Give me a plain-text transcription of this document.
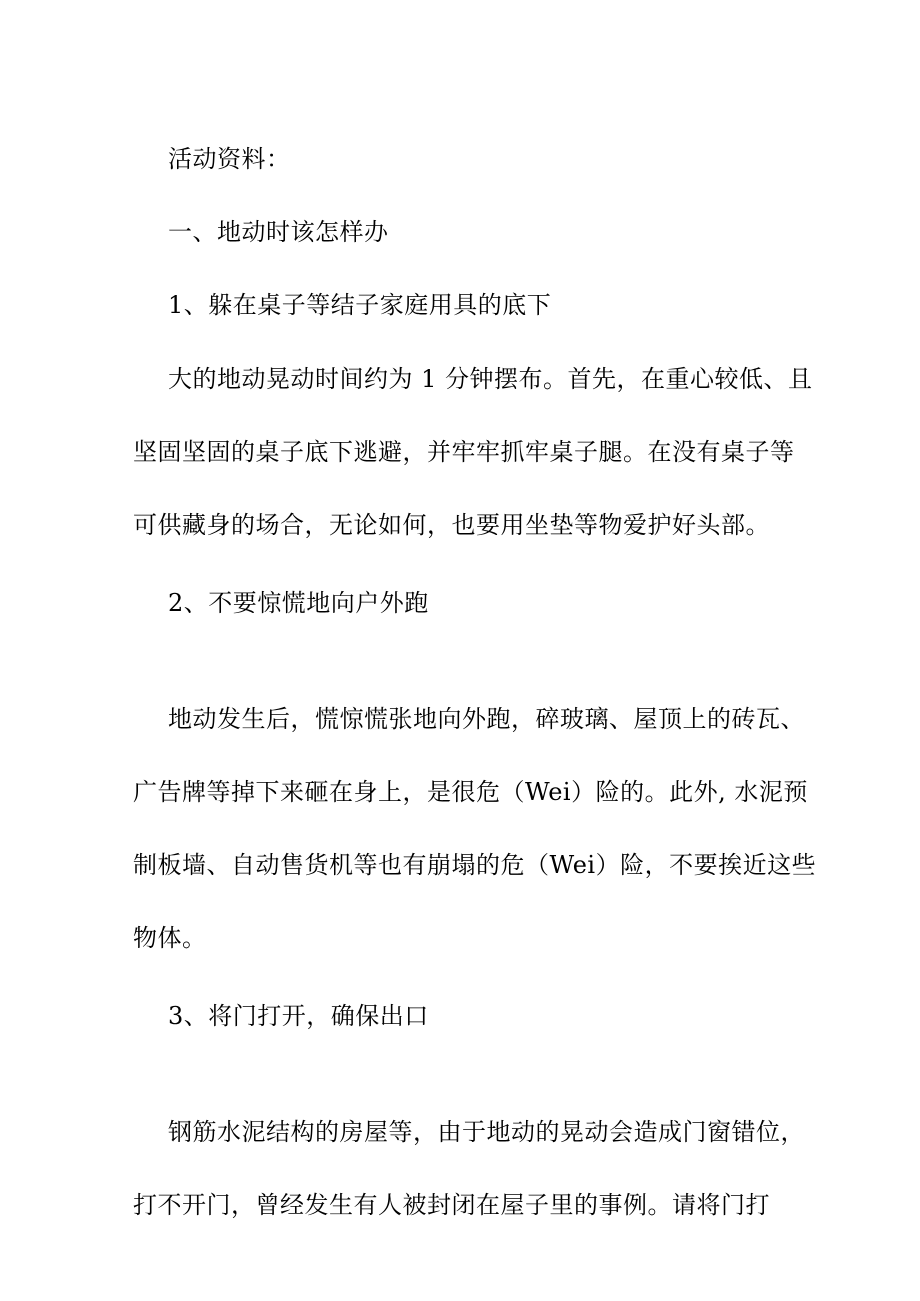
活动资料：
一、地动时该怎样办
1、躲在桌子等结子家庭用具的底下
大的地动晃动时间约为 1 分钟摆布。首先，在重心较低、且
坚固坚固的桌子底下逃避，并牢牢抓牢桌子腿。在没有桌子等
可供藏身的场合，无论如何，也要用坐垫等物爱护好头部。
2、不要惊慌地向户外跑
地动发生后，慌惊慌张地向外跑，碎玻璃、屋顶上的砖瓦、
广告牌等掉下来砸在身上，是很危（Wei）险的。此外, 水泥预
制板墙、自动售货机等也有崩塌的危（Wei）险，不要挨近这些
物体。
3、将门打开，确保出口
钢筋水泥结构的房屋等，由于地动的晃动会造成门窗错位，
打不开门，曾经发生有人被封闭在屋子里的事例。请将门打
